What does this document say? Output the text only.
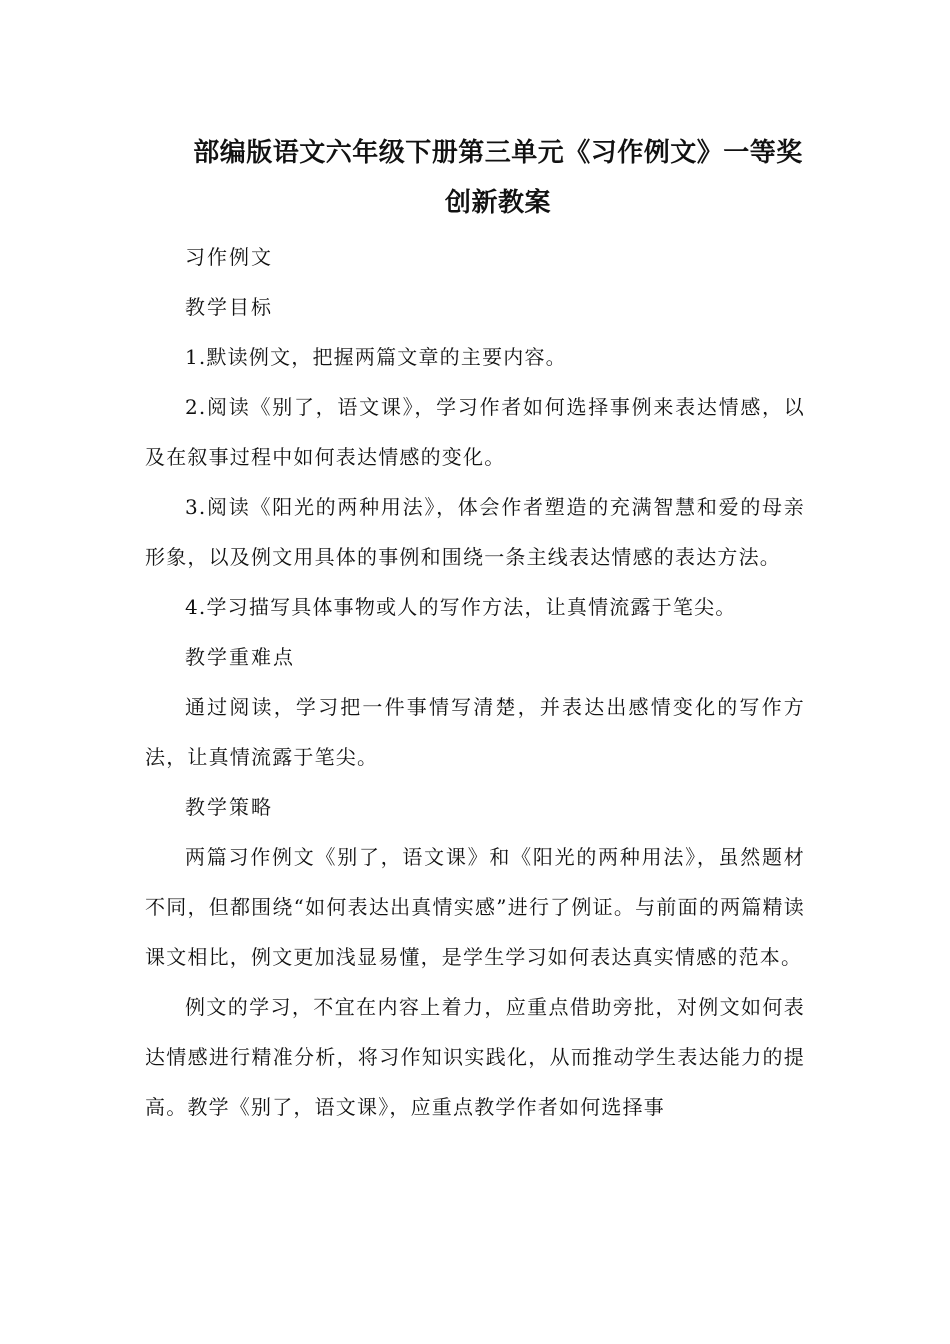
部编版语文六年级下册第三单元《习作例文》一等奖
创新教案

习作例文

教学目标

1.默读例文，把握两篇文章的主要内容。

2.阅读《别了，语文课》，学习作者如何选择事例来表达情感，以及在叙事过程中如何表达情感的变化。

3.阅读《阳光的两种用法》，体会作者塑造的充满智慧和爱的母亲形象，以及例文用具体的事例和围绕一条主线表达情感的表达方法。

4.学习描写具体事物或人的写作方法，让真情流露于笔尖。

教学重难点

通过阅读，学习把一件事情写清楚，并表达出感情变化的写作方法，让真情流露于笔尖。

教学策略

两篇习作例文《别了，语文课》和《阳光的两种用法》，虽然题材不同，但都围绕“如何表达出真情实感”进行了例证。与前面的两篇精读课文相比，例文更加浅显易懂，是学生学习如何表达真实情感的范本。

例文的学习，不宜在内容上着力，应重点借助旁批，对例文如何表达情感进行精准分析，将习作知识实践化，从而推动学生表达能力的提高。教学《别了，语文课》，应重点教学作者如何选择事
